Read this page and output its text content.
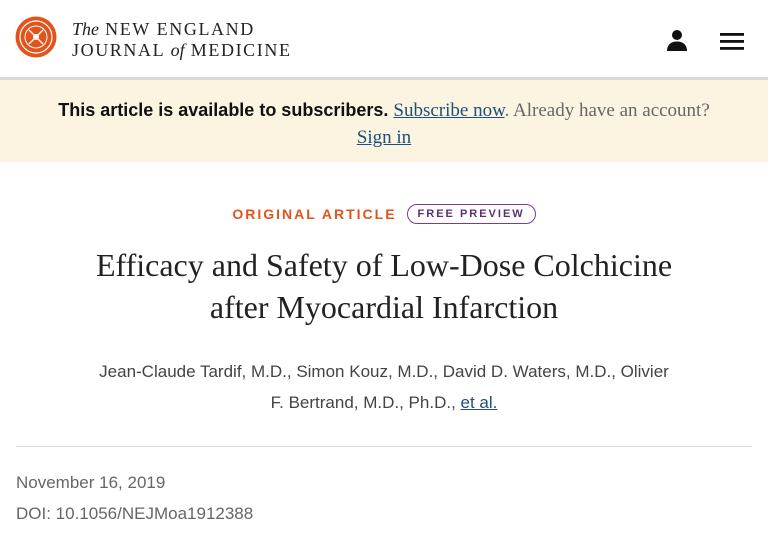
The NEW ENGLAND
JOURNAL of MEDICINE
This article is available to subscribers. Subscribe now. Already have an account?
Sign in
ORIGINAL ARTICLE	FREE PREVIEW
Efficacy and Safety of Low-Dose Colchicine
after Myocardial Infarction
Jean-Claude Tardif, M.D., Simon Kouz, M.D., David D. Waters, M.D., Olivier
F. Bertrand, M.D., Ph.D., et al.
November 16, 2019
DOI: 10.1056/NEJMoa1912388
